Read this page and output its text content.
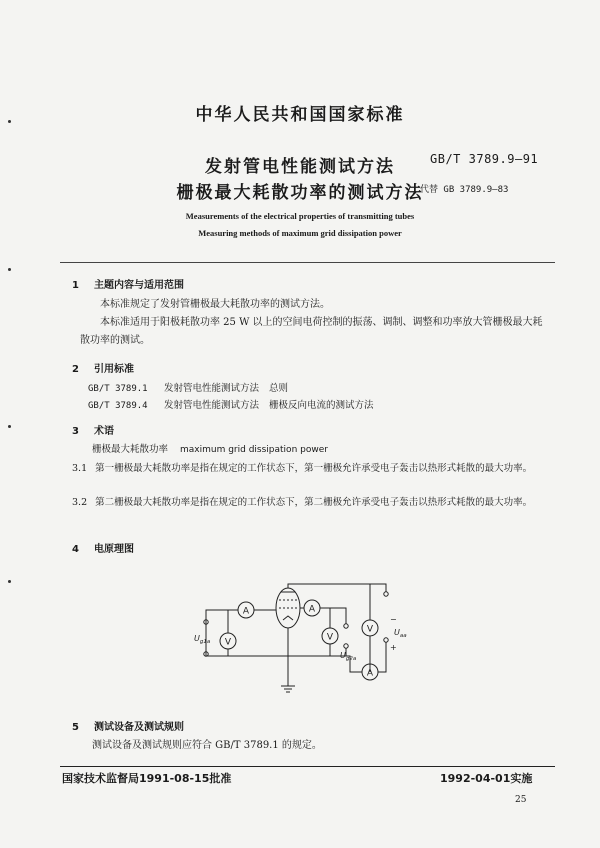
中华人民共和国国家标准
发射管电性能测试方法
栅极最大耗散功率的测试方法
GB/T 3789.9—91
代替 GB 3789.9—83
Measurements of the electrical properties of transmitting tubes
Measuring methods of maximum grid dissipation power
1 主题内容与适用范围
本标准规定了发射管栅极最大耗散功率的测试方法。
本标准适用于阳极耗散功率 25 W 以上的空间电荷控制的振荡、调制、调整和功率放大管栅极最大耗散功率的测试。
2 引用标准
GB/T 3789.1 发射管电性能测试方法 总则
GB/T 3789.4 发射管电性能测试方法 栅极反向电流的测试方法
3 术语
栅极最大耗散功率 maximum grid dissipation power
3.1 第一栅极最大耗散功率是指在规定的工作状态下，第一栅极允许承受电子轰击以热形式耗散的最大功率。
3.2 第二栅极最大耗散功率是指在规定的工作状态下，第二栅极允许承受电子轰击以热形式耗散的最大功率。
4 电原理图
A
V
A
V
V
A
$U_{g1a}$
$U_{g2a}$
$U_{aa}$
−
+
5 测试设备及测试规则
测试设备及测试规则应符合 GB/T 3789.1 的规定。
国家技术监督局1991-08-15批准	1992-04-01实施
25
